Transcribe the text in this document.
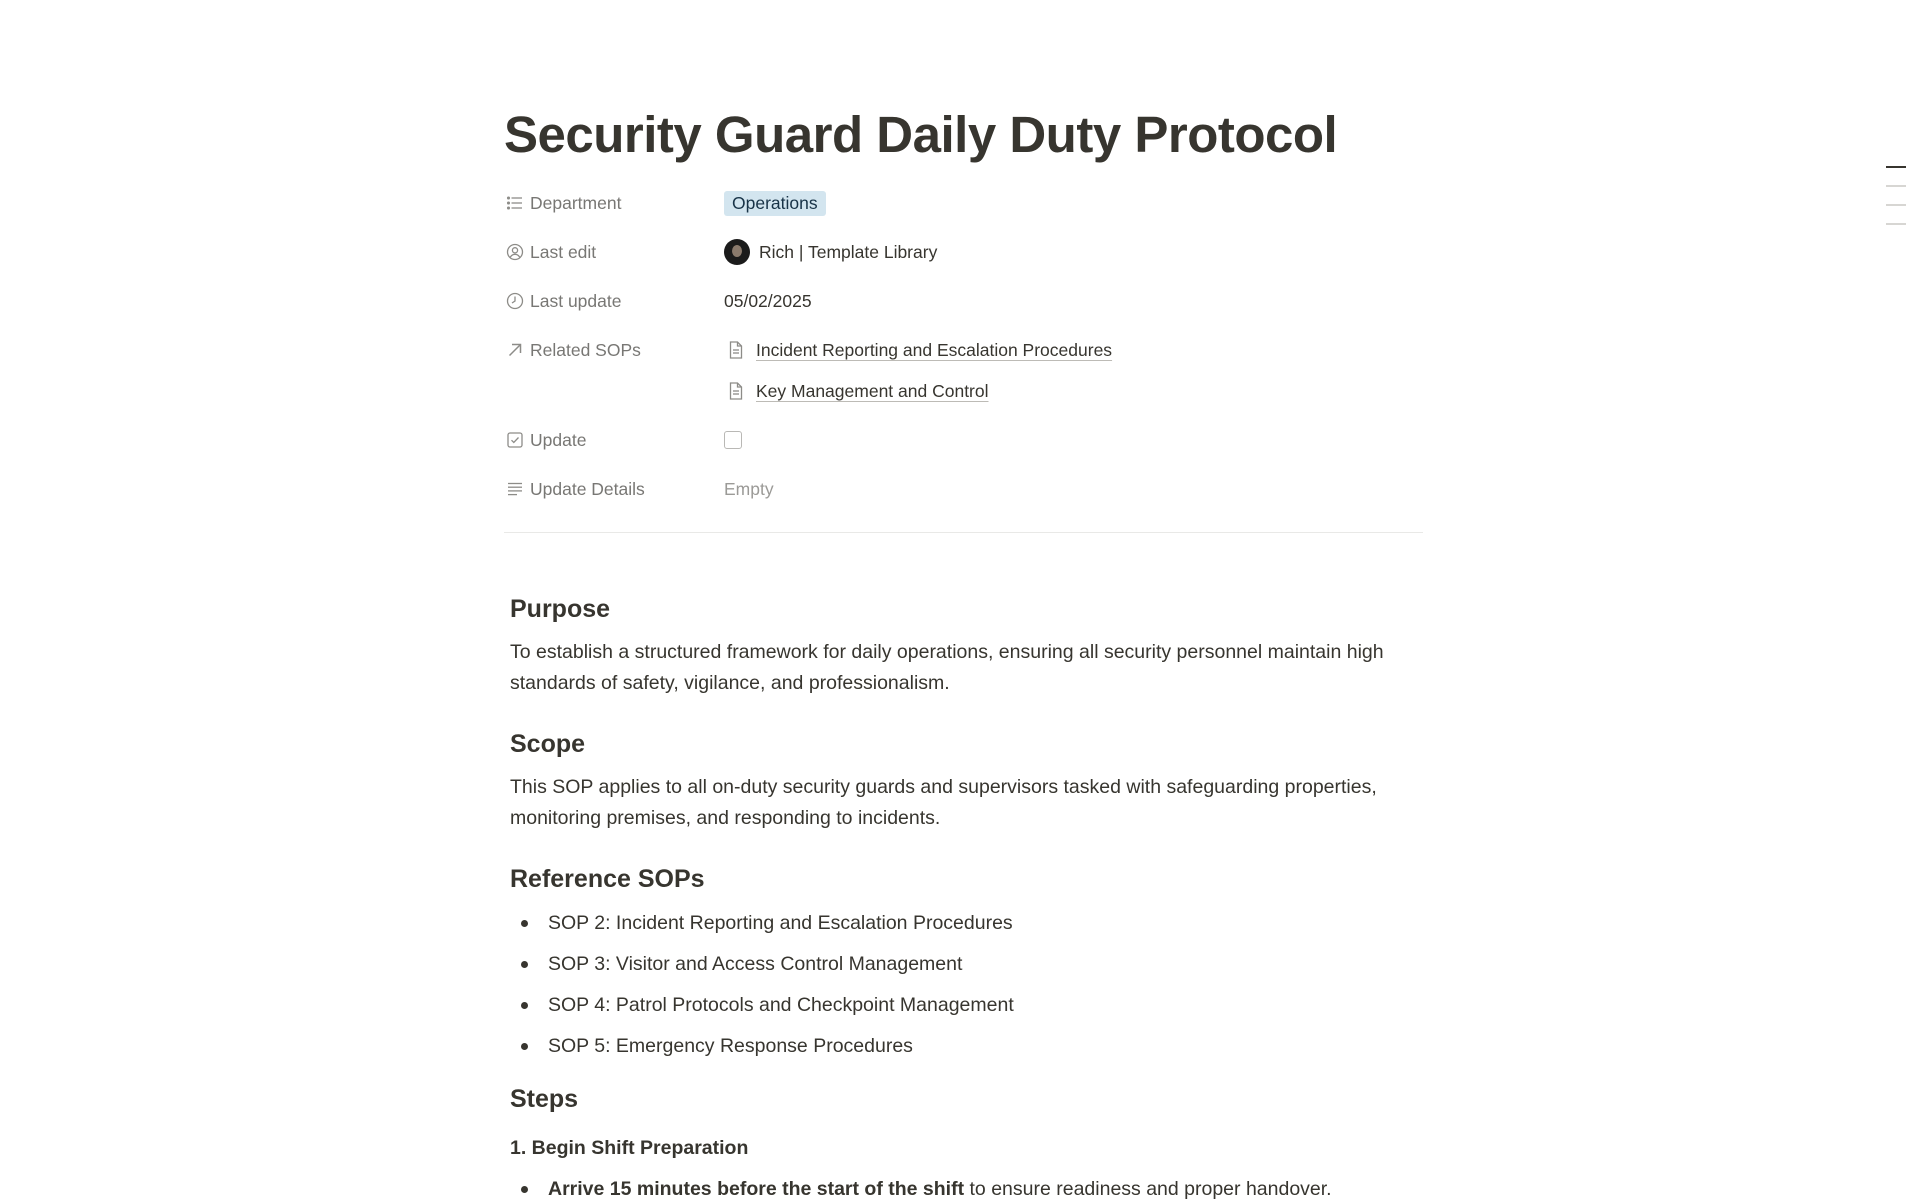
Security Guard Daily Duty Protocol
Department	Operations
Last edit	Rich | Template Library
Last update	05/02/2025
Related SOPs	Incident Reporting and Escalation Procedures
Key Management and Control
Update
Update Details	Empty
Purpose

To establish a structured framework for daily operations, ensuring all security personnel maintain high standards of safety, vigilance, and professionalism.

Scope

This SOP applies to all on-duty security guards and supervisors tasked with safeguarding properties, monitoring premises, and responding to incidents.

Reference SOPs
SOP 2: Incident Reporting and Escalation Procedures
SOP 3: Visitor and Access Control Management
SOP 4: Patrol Protocols and Checkpoint Management
SOP 5: Emergency Response Procedures
Steps
1. Begin Shift Preparation
Arrive 15 minutes before the start of the shift to ensure readiness and proper handover.
